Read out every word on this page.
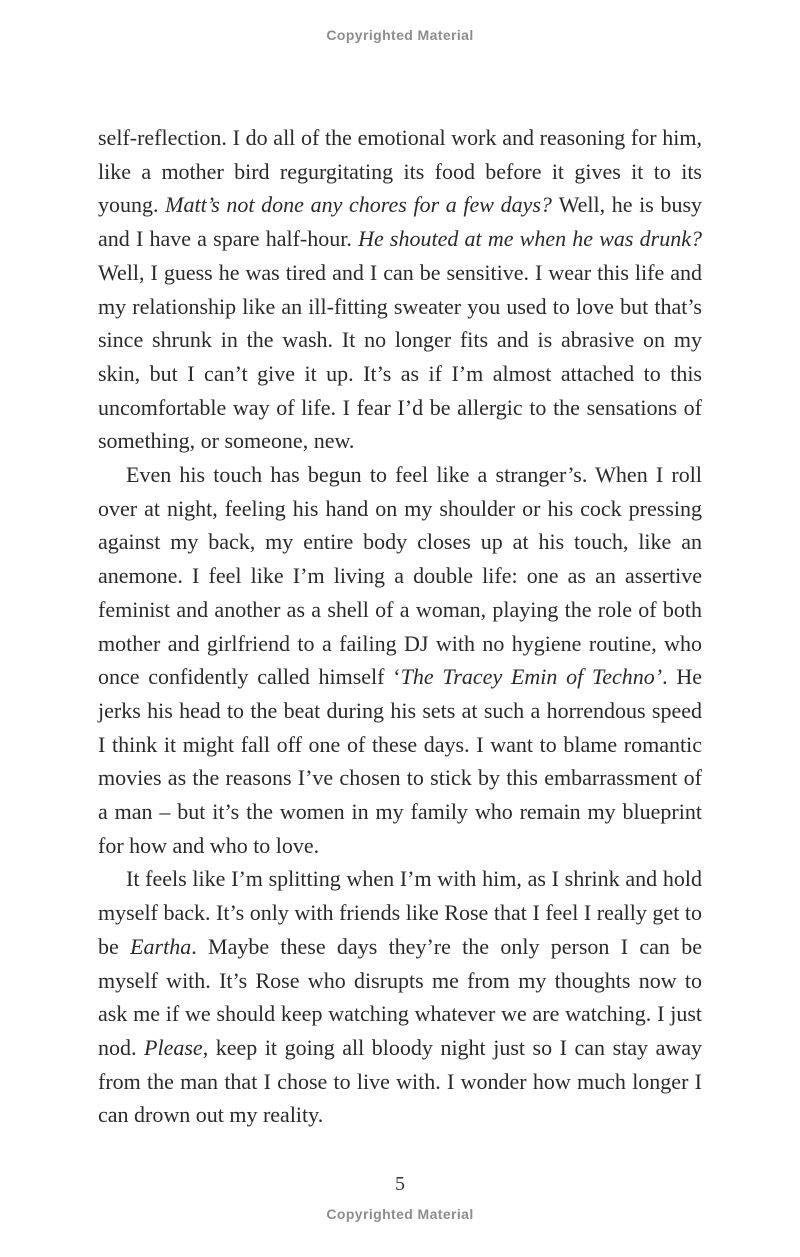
Copyrighted Material

self-reflection. I do all of the emotional work and reasoning for him, like a mother bird regurgitating its food before it gives it to its young. Matt’s not done any chores for a few days? Well, he is busy and I have a spare half-hour. He shouted at me when he was drunk? Well, I guess he was tired and I can be sensitive. I wear this life and my relationship like an ill-fitting sweater you used to love but that’s since shrunk in the wash. It no longer fits and is abrasive on my skin, but I can’t give it up. It’s as if I’m almost attached to this uncomfortable way of life. I fear I’d be allergic to the sensations of something, or someone, new.

Even his touch has begun to feel like a stranger’s. When I roll over at night, feeling his hand on my shoulder or his cock pressing against my back, my entire body closes up at his touch, like an anemone. I feel like I’m living a double life: one as an assertive feminist and another as a shell of a woman, playing the role of both mother and girlfriend to a failing DJ with no hygiene routine, who once confidently called himself ‘The Tracey Emin of Techno’. He jerks his head to the beat during his sets at such a horrendous speed I think it might fall off one of these days. I want to blame romantic movies as the reasons I’ve chosen to stick by this embarrassment of a man – but it’s the women in my family who remain my blueprint for how and who to love.

It feels like I’m splitting when I’m with him, as I shrink and hold myself back. It’s only with friends like Rose that I feel I really get to be Eartha. Maybe these days they’re the only person I can be myself with. It’s Rose who disrupts me from my thoughts now to ask me if we should keep watching whatever we are watching. I just nod. Please, keep it going all bloody night just so I can stay away from the man that I chose to live with. I wonder how much longer I can drown out my reality.

5
Copyrighted Material
